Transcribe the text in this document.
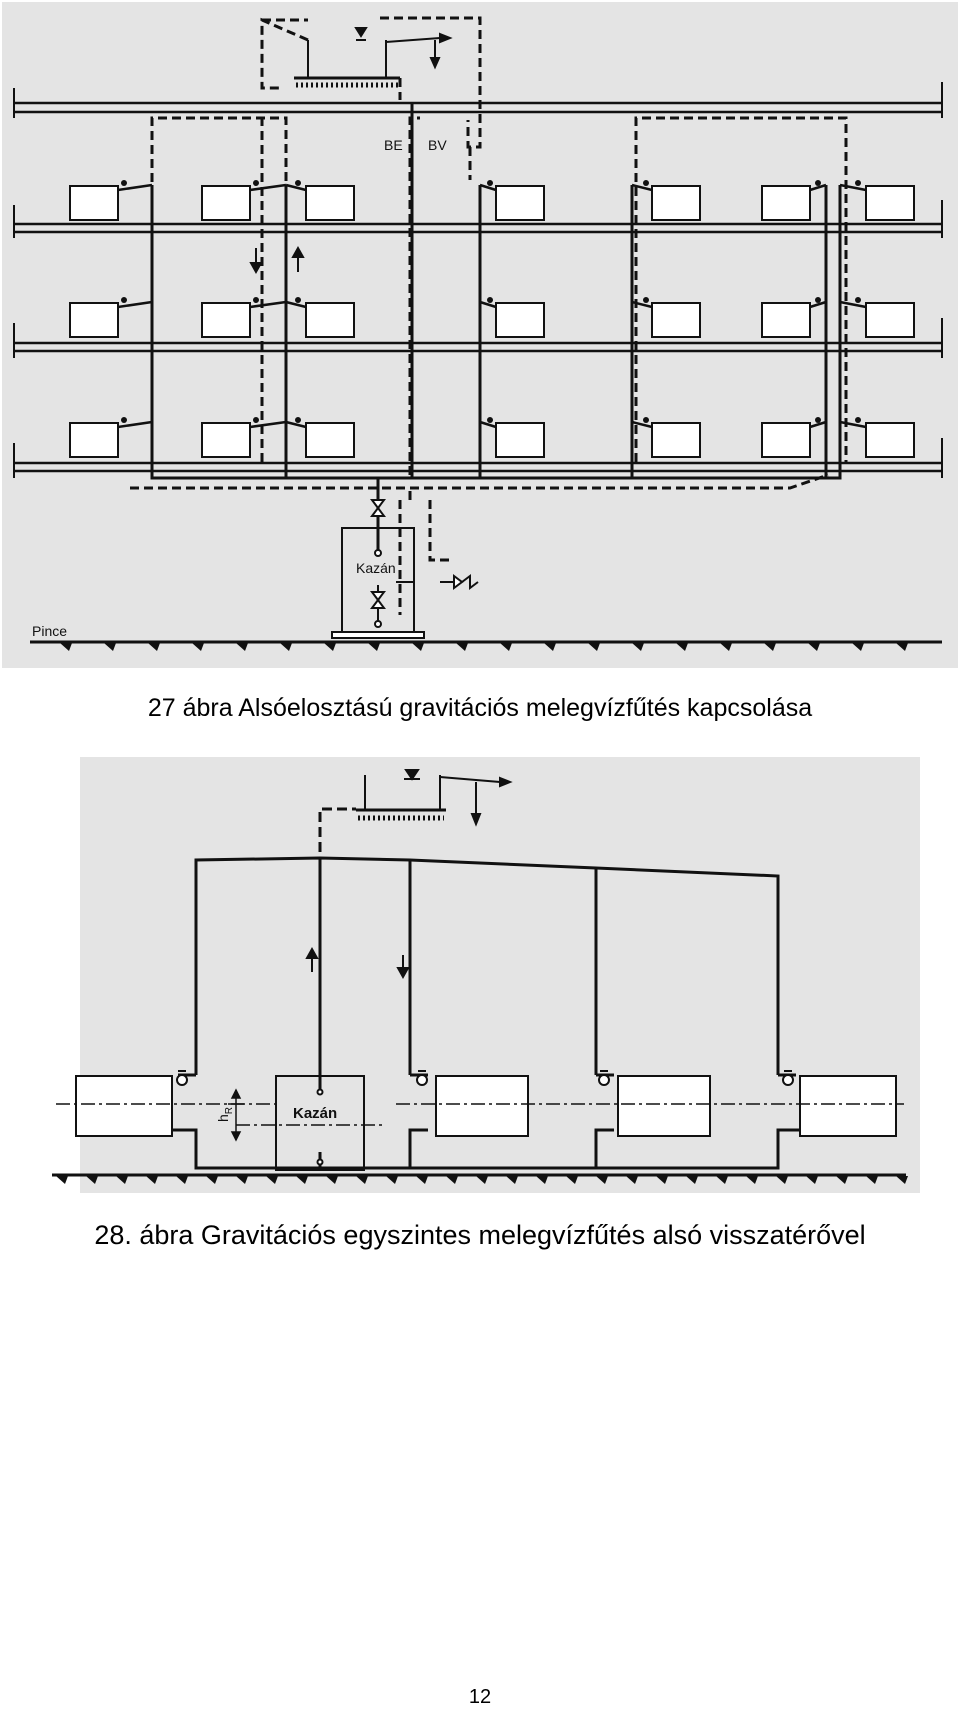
BE BV
Kazán
Pince
27 ábra Alsóelosztású gravitációs melegvízfűtés kapcsolása
Kazán
$h_R$
28. ábra Gravitációs egyszintes melegvízfűtés alsó visszatérővel
12
